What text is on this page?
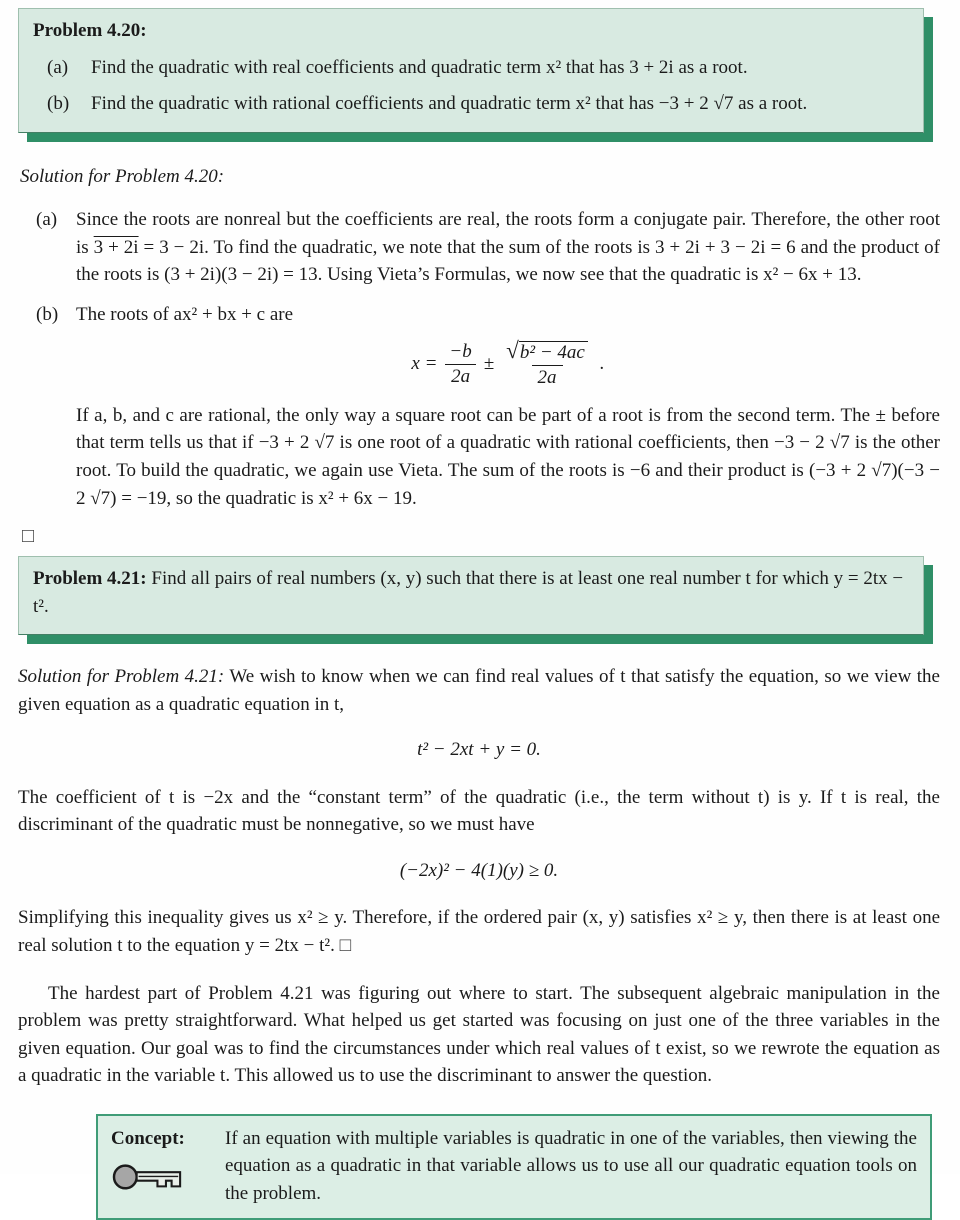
Problem 4.20:
(a)	Find the quadratic with real coefficients and quadratic term x² that has 3 + 2i as a root.
(b)	Find the quadratic with rational coefficients and quadratic term x² that has −3 + 2 √7 as a root.
Solution for Problem 4.20:
(a) Since the roots are nonreal but the coefficients are real, the roots form a conjugate pair. Therefore, the other root is 3 + 2i = 3 − 2i. To find the quadratic, we note that the sum of the roots is 3 + 2i + 3 − 2i = 6 and the product of the roots is (3 + 2i)(3 − 2i) = 13. Using Vieta’s Formulas, we now see that the quadratic is x² − 6x + 13.
(b) The roots of ax² + bx + c are
$x = \frac{-b}{2a} \pm \frac{\text{√b² − 4ac}}{2a}$ .
If a, b, and c are rational, the only way a square root can be part of a root is from the second term. The ± before that term tells us that if −3 + 2 √7 is one root of a quadratic with rational coefficients, then −3 − 2 √7 is the other root. To build the quadratic, we again use Vieta. The sum of the roots is −6 and their product is (−3 + 2 √7)(−3 − 2 √7) = −19, so the quadratic is x² + 6x − 19.
□
Problem 4.21: Find all pairs of real numbers (x, y) such that there is at least one real number t for which y = 2tx − t².

Solution for Problem 4.21: We wish to know when we can find real values of t that satisfy the equation, so we view the given equation as a quadratic equation in t,

t² − 2xt + y = 0.

The coefficient of t is −2x and the “constant term” of the quadratic (i.e., the term without t) is y. If t is real, the discriminant of the quadratic must be nonnegative, so we must have

(−2x)² − 4(1)(y) ≥ 0.

Simplifying this inequality gives us x² ≥ y. Therefore, if the ordered pair (x, y) satisfies x² ≥ y, then there is at least one real solution t to the equation y = 2tx − t². □

The hardest part of Problem 4.21 was figuring out where to start. The subsequent algebraic manipulation in the problem was pretty straightforward. What helped us get started was focusing on just one of the three variables in the given equation. Our goal was to find the circumstances under which real values of t exist, so we rewrote the equation as a quadratic in the variable t. This allowed us to use the discriminant to answer the question.

Concept:	If an equation with multiple variables is quadratic in one of the variables, then viewing the equation as a quadratic in that variable allows us to use all our quadratic equation tools on the problem.
